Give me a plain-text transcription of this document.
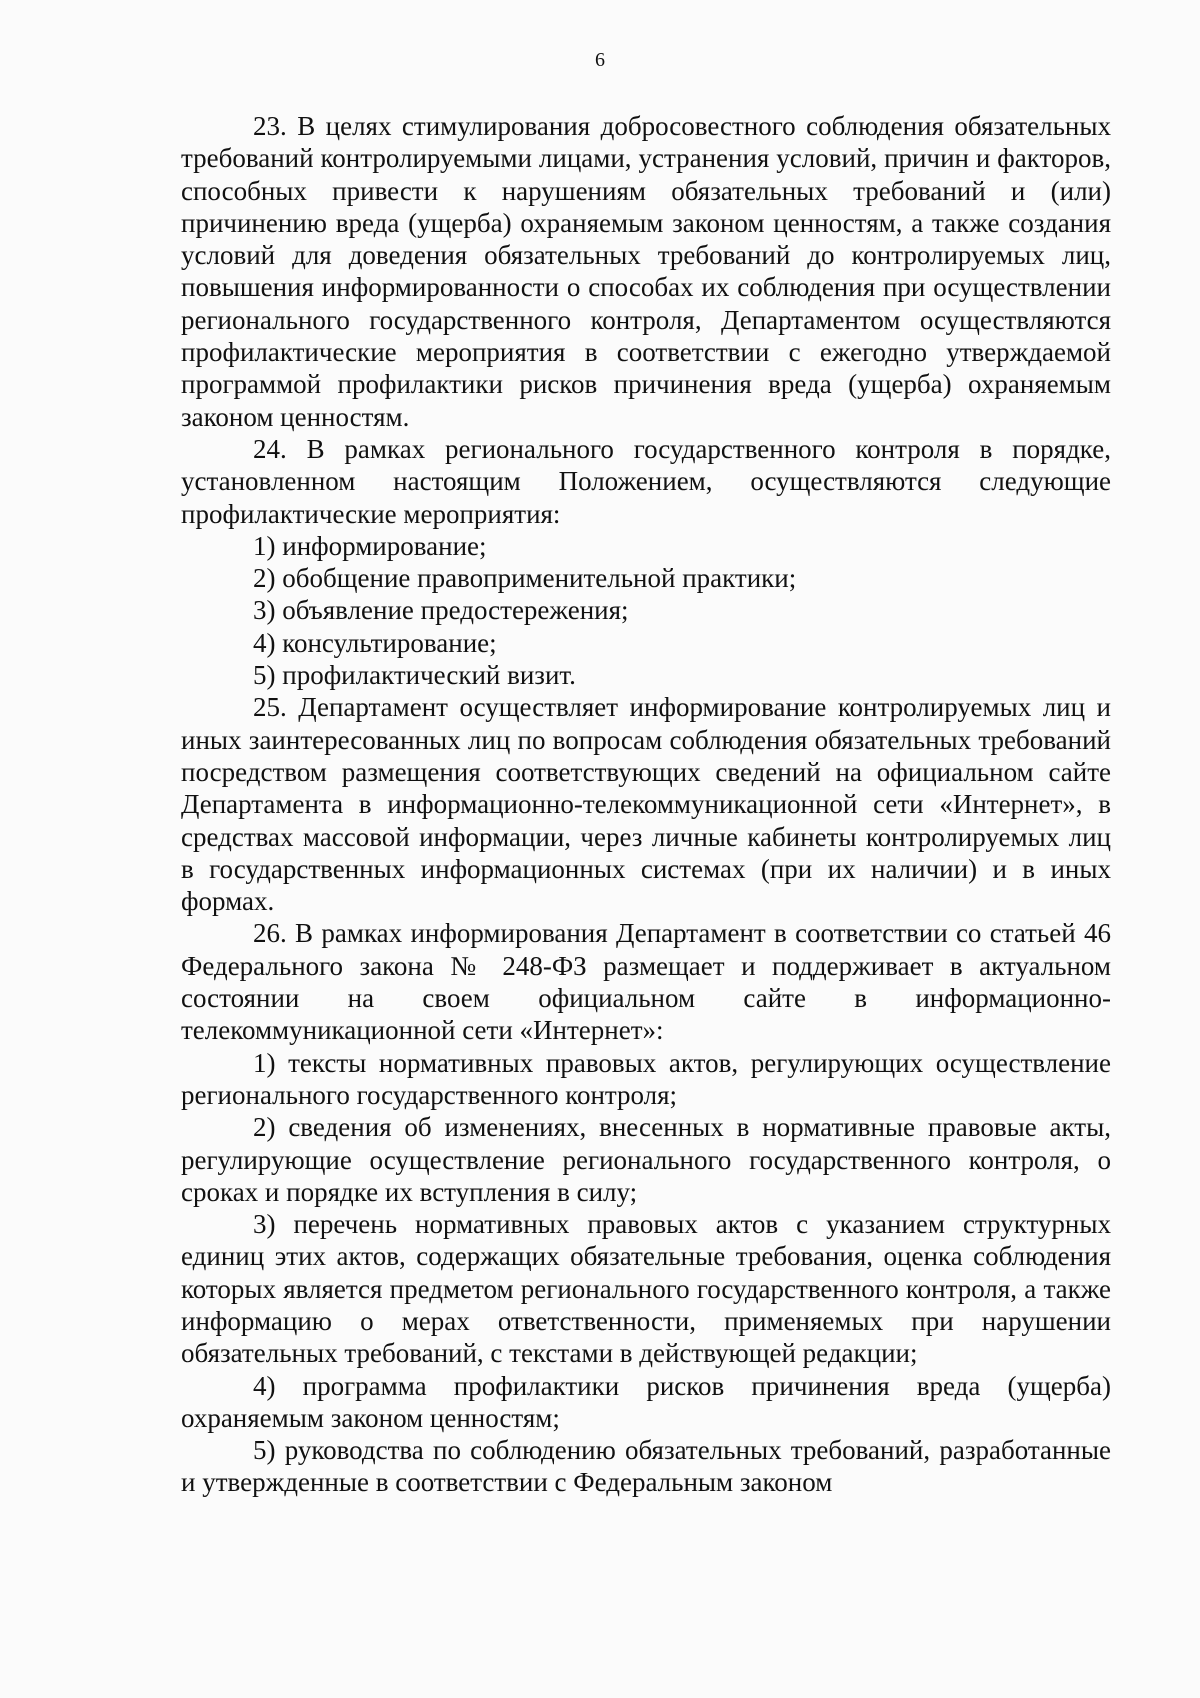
6

23. В целях стимулирования добросовестного соблюдения обязательных требований контролируемыми лицами, устранения условий, причин и факторов, способных привести к нарушениям обязательных требований и (или) причинению вреда (ущерба) охраняемым законом ценностям, а также создания условий для доведения обязательных требований до контролируемых лиц, повышения информированности о способах их соблюдения при осуществлении регионального государственного контроля, Департаментом осуществляются профилактические мероприятия в соответствии с ежегодно утверждаемой программой профилактики рисков причинения вреда (ущерба) охраняемым законом ценностям.

24. В рамках регионального государственного контроля в порядке, установленном настоящим Положением, осуществляются следующие профилактические мероприятия:

1) информирование;

2) обобщение правоприменительной практики;

3) объявление предостережения;

4) консультирование;

5) профилактический визит.

25. Департамент осуществляет информирование контролируемых лиц и иных заинтересованных лиц по вопросам соблюдения обязательных требований посредством размещения соответствующих сведений на официальном сайте Департамента в информационно-телекоммуникационной сети «Интернет», в средствах массовой информации, через личные кабинеты контролируемых лиц в государственных информационных системах (при их наличии) и в иных формах.

26. В рамках информирования Департамент в соответствии со статьей 46 Федерального закона № 248-ФЗ размещает и поддерживает в актуальном состоянии на своем официальном сайте в информационно-телекоммуникационной сети «Интернет»:

1) тексты нормативных правовых актов, регулирующих осуществление регионального государственного контроля;

2) сведения об изменениях, внесенных в нормативные правовые акты, регулирующие осуществление регионального государственного контроля, о сроках и порядке их вступления в силу;

3) перечень нормативных правовых актов с указанием структурных единиц этих актов, содержащих обязательные требования, оценка соблюдения которых является предметом регионального государственного контроля, а также информацию о мерах ответственности, применяемых при нарушении обязательных требований, с текстами в действующей редакции;

4) программа профилактики рисков причинения вреда (ущерба) охраняемым законом ценностям;

5) руководства по соблюдению обязательных требований, разработанные и утвержденные в соответствии с Федеральным законом
